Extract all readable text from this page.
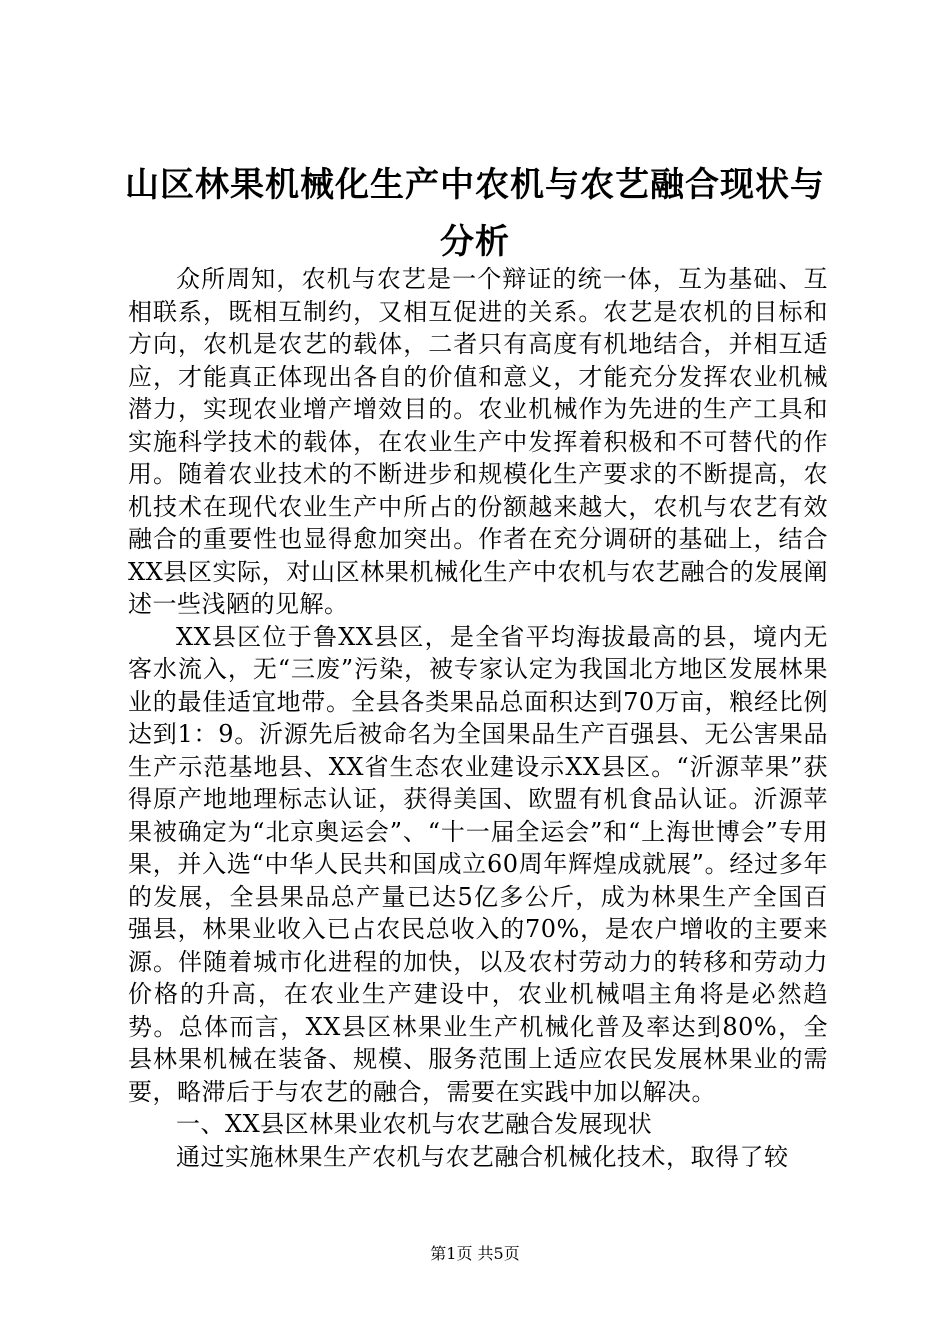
山区林果机械化生产中农机与农艺融合现状与
分析

众所周知，农机与农艺是一个辩证的统一体，互为基础、互相联系，既相互制约，又相互促进的关系。农艺是农机的目标和方向，农机是农艺的载体，二者只有高度有机地结合，并相互适应，才能真正体现出各自的价值和意义，才能充分发挥农业机械潜力，实现农业增产增效目的。农业机械作为先进的生产工具和实施科学技术的载体，在农业生产中发挥着积极和不可替代的作用。随着农业技术的不断进步和规模化生产要求的不断提高，农机技术在现代农业生产中所占的份额越来越大，农机与农艺有效融合的重要性也显得愈加突出。作者在充分调研的基础上，结合XX县区实际，对山区林果机械化生产中农机与农艺融合的发展阐述一些浅陋的见解。

XX县区位于鲁XX县区，是全省平均海拔最高的县，境内无客水流入，无“三废”污染，被专家认定为我国北方地区发展林果业的最佳适宜地带。全县各类果品总面积达到70万亩，粮经比例达到1：9。沂源先后被命名为全国果品生产百强县、无公害果品生产示范基地县、XX省生态农业建设示XX县区。“沂源苹果”获得原产地地理标志认证，获得美国、欧盟有机食品认证。沂源苹果被确定为“北京奥运会”、“十一届全运会”和“上海世博会”专用果，并入选“中华人民共和国成立60周年辉煌成就展”。经过多年的发展，全县果品总产量已达5亿多公斤，成为林果生产全国百强县，林果业收入已占农民总收入的70%，是农户增收的主要来源。伴随着城市化进程的加快，以及农村劳动力的转移和劳动力价格的升高，在农业生产建设中，农业机械唱主角将是必然趋势。总体而言，XX县区林果业生产机械化普及率达到80%，全县林果机械在装备、规模、服务范围上适应农民发展林果业的需要，略滞后于与农艺的融合，需要在实践中加以解决。

一、XX县区林果业农机与农艺融合发展现状

通过实施林果生产农机与农艺融合机械化技术，取得了较

第1页 共5页
